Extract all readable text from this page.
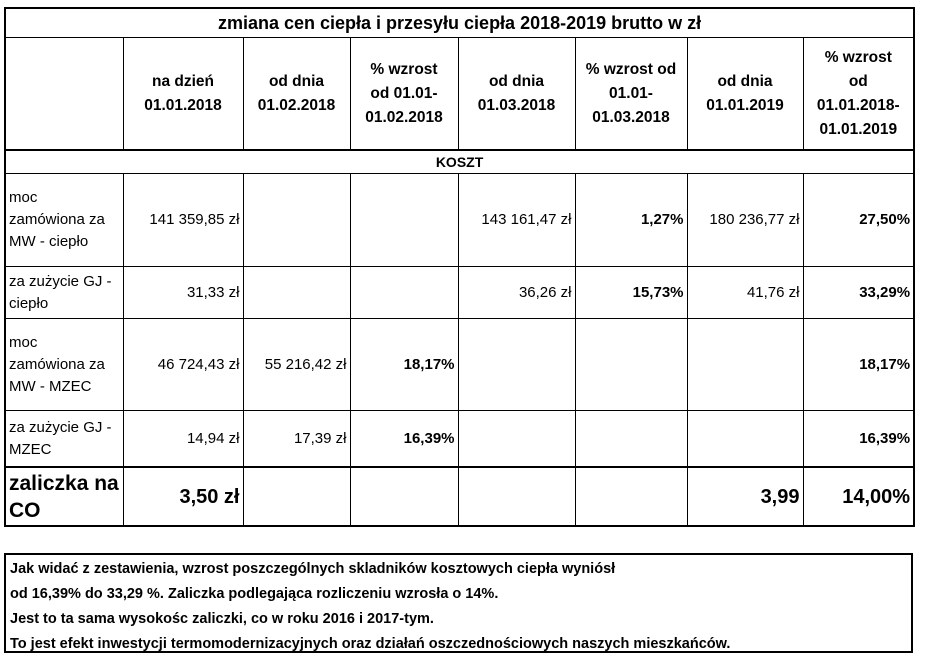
zmiana cen ciepła i przesyłu ciepła 2018-2019 brutto w zł							

	na dzień
01.01.2018	od dnia
01.02.2018	% wzrost
od 01.01-
01.02.2018	od dnia
01.03.2018	% wzrost od
01.01-
01.03.2018	od dnia
01.01.2019	% wzrost
od
01.01.2018-
01.01.2019

KOSZT							

moc
zamówiona za
MW - ciepło	141 359,85 zł			143 161,47 zł	1,27%	180 236,77 zł	27,50%

za zużycie GJ -
ciepło	31,33 zł			36,26 zł	15,73%	41,76 zł	33,29%

moc
zamówiona za
MW - MZEC	46 724,43 zł	55 216,42 zł	18,17%				18,17%

za zużycie GJ -
MZEC	14,94 zł	17,39 zł	16,39%				16,39%

zaliczka na
CO	3,50 zł					3,99	14,00%

Jak widać z zestawienia, wzrost poszczególnych skladników kosztowych ciepła wyniósł

od 16,39% do 33,29 %. Zaliczka podlegająca rozliczeniu wzrosła o 14%.

Jest to ta sama wysokośc zaliczki, co w roku 2016 i 2017-tym.

To jest efekt inwestycji termomodernizacyjnych oraz działań oszczednościowych naszych mieszkańców.
